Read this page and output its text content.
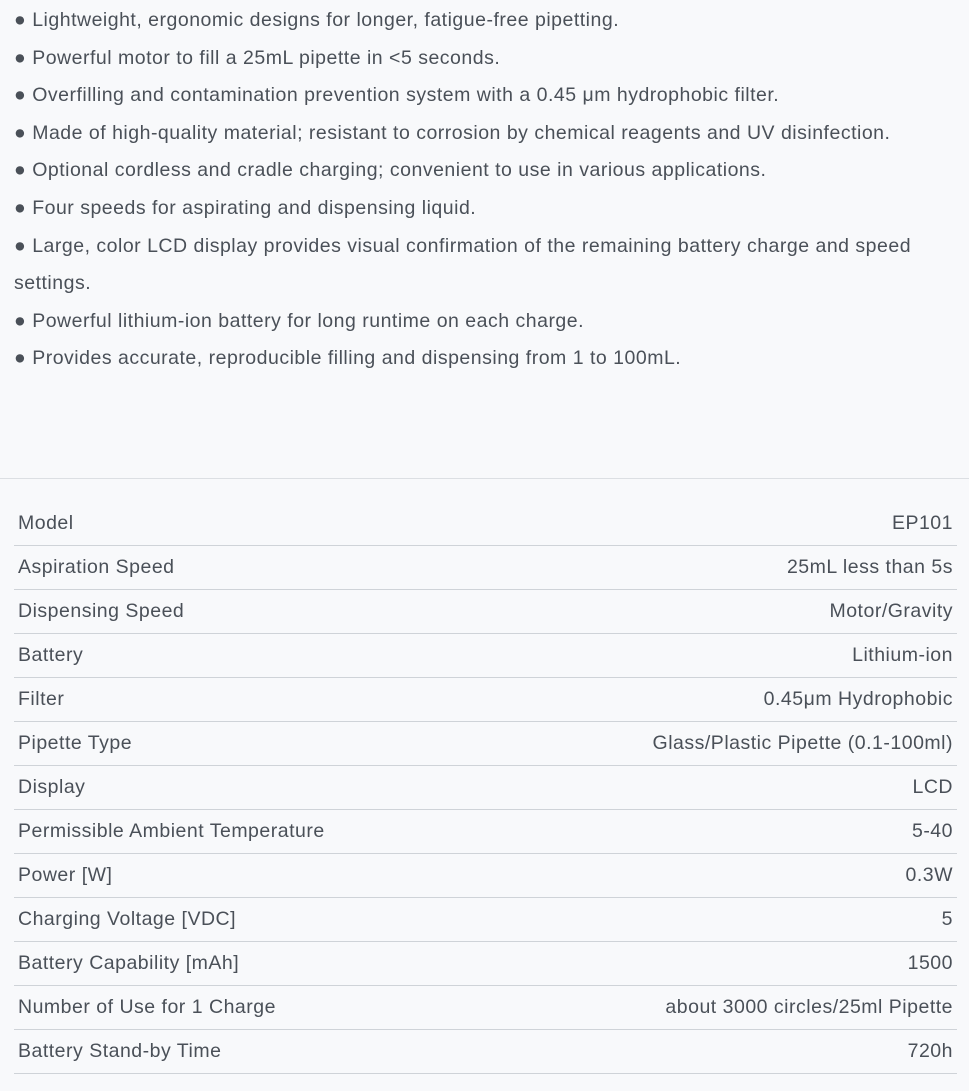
● Lightweight, ergonomic designs for longer, fatigue-free pipetting.

● Powerful motor to fill a 25mL pipette in <5 seconds.

● Overfilling and contamination prevention system with a 0.45 μm hydrophobic filter.

● Made of high-quality material; resistant to corrosion by chemical reagents and UV disinfection.

● Optional cordless and cradle charging; convenient to use in various applications.

● Four speeds for aspirating and dispensing liquid.

● Large, color LCD display provides visual confirmation of the remaining battery charge and speed settings.

● Powerful lithium-ion battery for long runtime on each charge.

● Provides accurate, reproducible filling and dispensing from 1 to 100mL.

Model	EP101
Aspiration Speed	25mL less than 5s
Dispensing Speed	Motor/Gravity
Battery	Lithium-ion
Filter	0.45μm Hydrophobic
Pipette Type	Glass/Plastic Pipette (0.1-100ml)
Display	LCD
Permissible Ambient Temperature	5-40
Power [W]	0.3W
Charging Voltage [VDC]	5
Battery Capability [mAh]	1500
Number of Use for 1 Charge	about 3000 circles/25ml Pipette
Battery Stand-by Time	720h
